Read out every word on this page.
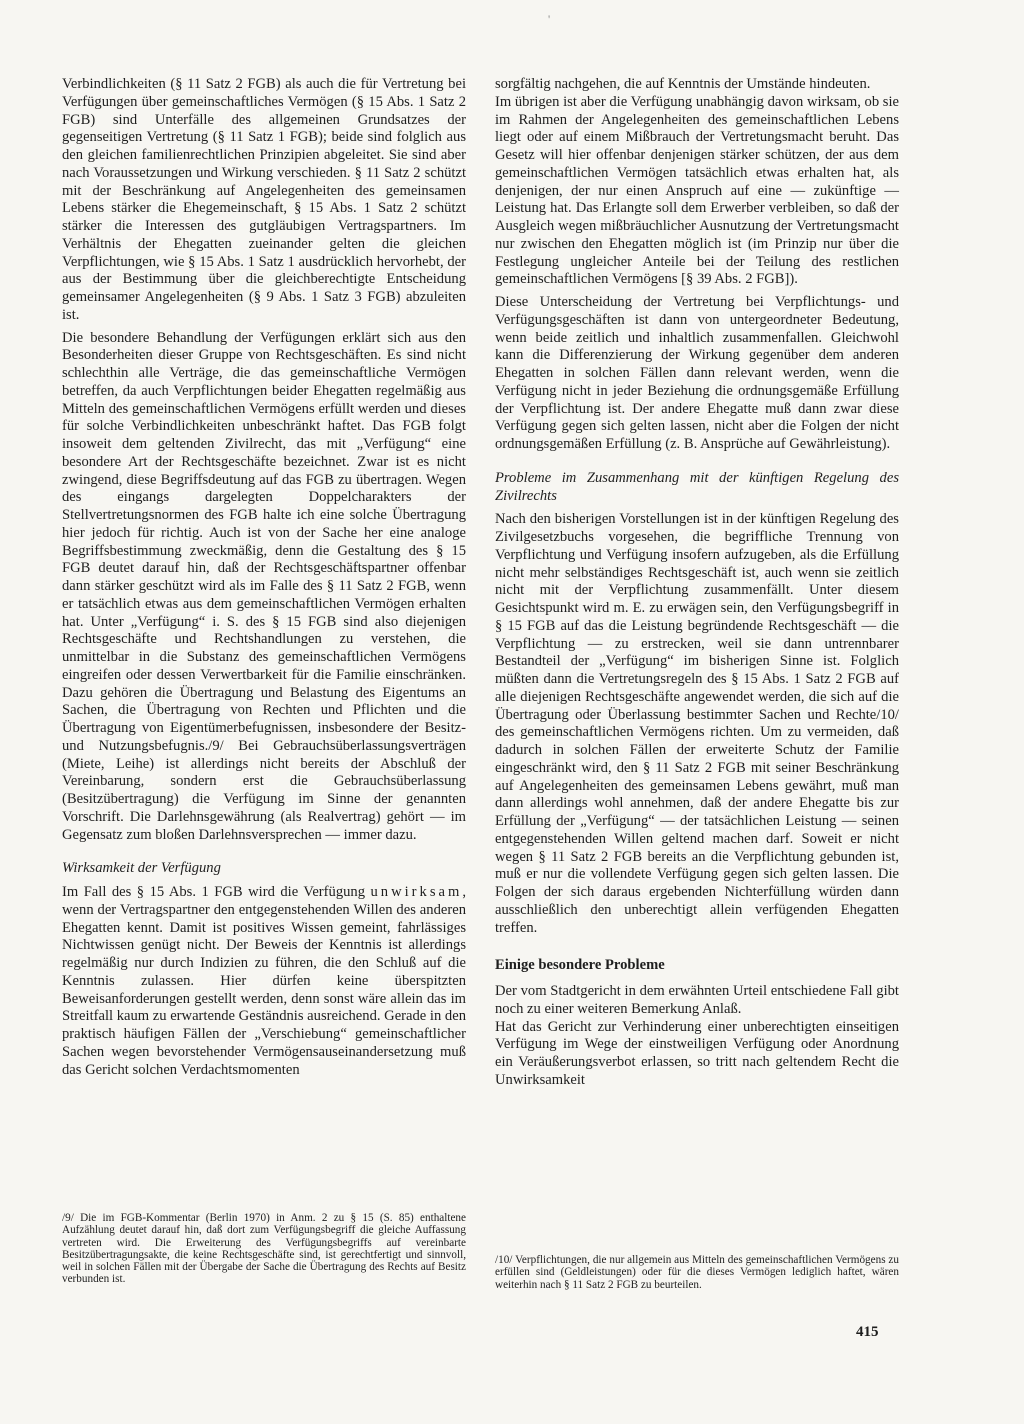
'

Verbindlichkeiten (§ 11 Satz 2 FGB) als auch die für Vertretung bei Verfügungen über gemeinschaftliches Vermögen (§ 15 Abs. 1 Satz 2 FGB) sind Unterfälle des allgemeinen Grundsatzes der gegenseitigen Vertretung (§ 11 Satz 1 FGB); beide sind folglich aus den gleichen familienrechtlichen Prinzipien abgeleitet. Sie sind aber nach Voraussetzungen und Wirkung verschieden. § 11 Satz 2 schützt mit der Beschränkung auf Angelegenheiten des gemeinsamen Lebens stärker die Ehegemeinschaft, § 15 Abs. 1 Satz 2 schützt stärker die Interessen des gutgläubigen Vertragspartners. Im Verhältnis der Ehegatten zueinander gelten die gleichen Verpflichtungen, wie § 15 Abs. 1 Satz 1 ausdrücklich hervorhebt, der aus der Bestimmung über die gleichberechtigte Entscheidung gemeinsamer Angelegenheiten (§ 9 Abs. 1 Satz 3 FGB) abzuleiten ist.

Die besondere Behandlung der Verfügungen erklärt sich aus den Besonderheiten dieser Gruppe von Rechtsgeschäften. Es sind nicht schlechthin alle Verträge, die das gemeinschaftliche Vermögen betreffen, da auch Verpflichtungen beider Ehegatten regelmäßig aus Mitteln des gemeinschaftlichen Vermögens erfüllt werden und dieses für solche Verbindlichkeiten unbeschränkt haftet. Das FGB folgt insoweit dem geltenden Zivilrecht, das mit „Verfügung“ eine besondere Art der Rechtsgeschäfte bezeichnet. Zwar ist es nicht zwingend, diese Begriffsdeutung auf das FGB zu übertragen. Wegen des eingangs dargelegten Doppelcharakters der Stellvertretungsnormen des FGB halte ich eine solche Übertragung hier jedoch für richtig. Auch ist von der Sache her eine analoge Begriffsbestimmung zweckmäßig, denn die Gestaltung des § 15 FGB deutet darauf hin, daß der Rechtsgeschäftspartner offenbar dann stärker geschützt wird als im Falle des § 11 Satz 2 FGB, wenn er tatsächlich etwas aus dem gemeinschaftlichen Vermögen erhalten hat. Unter „Verfügung“ i. S. des § 15 FGB sind also diejenigen Rechtsgeschäfte und Rechtshandlungen zu verstehen, die unmittelbar in die Substanz des gemeinschaftlichen Vermögens eingreifen oder dessen Verwertbarkeit für die Familie einschränken. Dazu gehören die Übertragung und Belastung des Eigentums an Sachen, die Übertragung von Rechten und Pflichten und die Übertragung von Eigentümerbefugnissen, insbesondere der Besitz- und Nutzungsbefugnis./9/ Bei Gebrauchsüberlassungsverträgen (Miete, Leihe) ist allerdings nicht bereits der Abschluß der Vereinbarung, sondern erst die Gebrauchsüberlassung (Besitzübertragung) die Verfügung im Sinne der genannten Vorschrift. Die Darlehnsgewährung (als Realvertrag) gehört — im Gegensatz zum bloßen Darlehnsversprechen — immer dazu.

Wirksamkeit der Verfügung

Im Fall des § 15 Abs. 1 FGB wird die Verfügung unwirksam, wenn der Vertragspartner den entgegenstehenden Willen des anderen Ehegatten kennt. Damit ist positives Wissen gemeint, fahrlässiges Nichtwissen genügt nicht. Der Beweis der Kenntnis ist allerdings regelmäßig nur durch Indizien zu führen, die den Schluß auf die Kenntnis zulassen. Hier dürfen keine überspitzten Beweisanforderungen gestellt werden, denn sonst wäre allein das im Streitfall kaum zu erwartende Geständnis ausreichend. Gerade in den praktisch häufigen Fällen der „Verschiebung“ gemeinschaftlicher Sachen wegen bevorstehender Vermögensauseinandersetzung muß das Gericht solchen Verdachtsmomenten

/9/ Die im FGB-Kommentar (Berlin 1970) in Anm. 2 zu § 15 (S. 85) enthaltene Aufzählung deutet darauf hin, daß dort zum Verfügungsbegriff die gleiche Auffassung vertreten wird. Die Erweiterung des Verfügungsbegriffs auf vereinbarte Besitzübertragungsakte, die keine Rechtsgeschäfte sind, ist gerechtfertigt und sinnvoll, weil in solchen Fällen mit der Übergabe der Sache die Übertragung des Rechts auf Besitz verbunden ist.

sorgfältig nachgehen, die auf Kenntnis der Umstände hindeuten.

Im übrigen ist aber die Verfügung unabhängig davon wirksam, ob sie im Rahmen der Angelegenheiten des gemeinschaftlichen Lebens liegt oder auf einem Mißbrauch der Vertretungsmacht beruht. Das Gesetz will hier offenbar denjenigen stärker schützen, der aus dem gemeinschaftlichen Vermögen tatsächlich etwas erhalten hat, als denjenigen, der nur einen Anspruch auf eine — zukünftige — Leistung hat. Das Erlangte soll dem Erwerber verbleiben, so daß der Ausgleich wegen mißbräuchlicher Ausnutzung der Vertretungsmacht nur zwischen den Ehegatten möglich ist (im Prinzip nur über die Festlegung ungleicher Anteile bei der Teilung des restlichen gemeinschaftlichen Vermögens [§ 39 Abs. 2 FGB]).

Diese Unterscheidung der Vertretung bei Verpflichtungs- und Verfügungsgeschäften ist dann von untergeordneter Bedeutung, wenn beide zeitlich und inhaltlich zusammenfallen. Gleichwohl kann die Differenzierung der Wirkung gegenüber dem anderen Ehegatten in solchen Fällen dann relevant werden, wenn die Verfügung nicht in jeder Beziehung die ordnungsgemäße Erfüllung der Verpflichtung ist. Der andere Ehegatte muß dann zwar diese Verfügung gegen sich gelten lassen, nicht aber die Folgen der nicht ordnungsgemäßen Erfüllung (z. B. Ansprüche auf Gewährleistung).

Probleme im Zusammenhang mit der künftigen Regelung des Zivilrechts

Nach den bisherigen Vorstellungen ist in der künftigen Regelung des Zivilgesetzbuchs vorgesehen, die begriffliche Trennung von Verpflichtung und Verfügung insofern aufzugeben, als die Erfüllung nicht mehr selbständiges Rechtsgeschäft ist, auch wenn sie zeitlich nicht mit der Verpflichtung zusammenfällt. Unter diesem Gesichtspunkt wird m. E. zu erwägen sein, den Verfügungsbegriff in § 15 FGB auf das die Leistung begründende Rechtsgeschäft — die Verpflichtung — zu erstrecken, weil sie dann untrennbarer Bestandteil der „Verfügung“ im bisherigen Sinne ist. Folglich müßten dann die Vertretungsregeln des § 15 Abs. 1 Satz 2 FGB auf alle diejenigen Rechtsgeschäfte angewendet werden, die sich auf die Übertragung oder Überlassung bestimmter Sachen und Rechte/10/ des gemeinschaftlichen Vermögens richten. Um zu vermeiden, daß dadurch in solchen Fällen der erweiterte Schutz der Familie eingeschränkt wird, den § 11 Satz 2 FGB mit seiner Beschränkung auf Angelegenheiten des gemeinsamen Lebens gewährt, muß man dann allerdings wohl annehmen, daß der andere Ehegatte bis zur Erfüllung der „Verfügung“ — der tatsächlichen Leistung — seinen entgegenstehenden Willen geltend machen darf. Soweit er nicht wegen § 11 Satz 2 FGB bereits an die Verpflichtung gebunden ist, muß er nur die vollendete Verfügung gegen sich gelten lassen. Die Folgen der sich daraus ergebenden Nichterfüllung würden dann ausschließlich den unberechtigt allein verfügenden Ehegatten treffen.

Einige besondere Probleme

Der vom Stadtgericht in dem erwähnten Urteil entschiedene Fall gibt noch zu einer weiteren Bemerkung Anlaß.

Hat das Gericht zur Verhinderung einer unberechtigten einseitigen Verfügung im Wege der einstweiligen Verfügung oder Anordnung ein Veräußerungsverbot erlassen, so tritt nach geltendem Recht die Unwirksamkeit

/10/ Verpflichtungen, die nur allgemein aus Mitteln des gemeinschaftlichen Vermögens zu erfüllen sind (Geldleistungen) oder für die dieses Vermögen lediglich haftet, wären weiterhin nach § 11 Satz 2 FGB zu beurteilen.

415
